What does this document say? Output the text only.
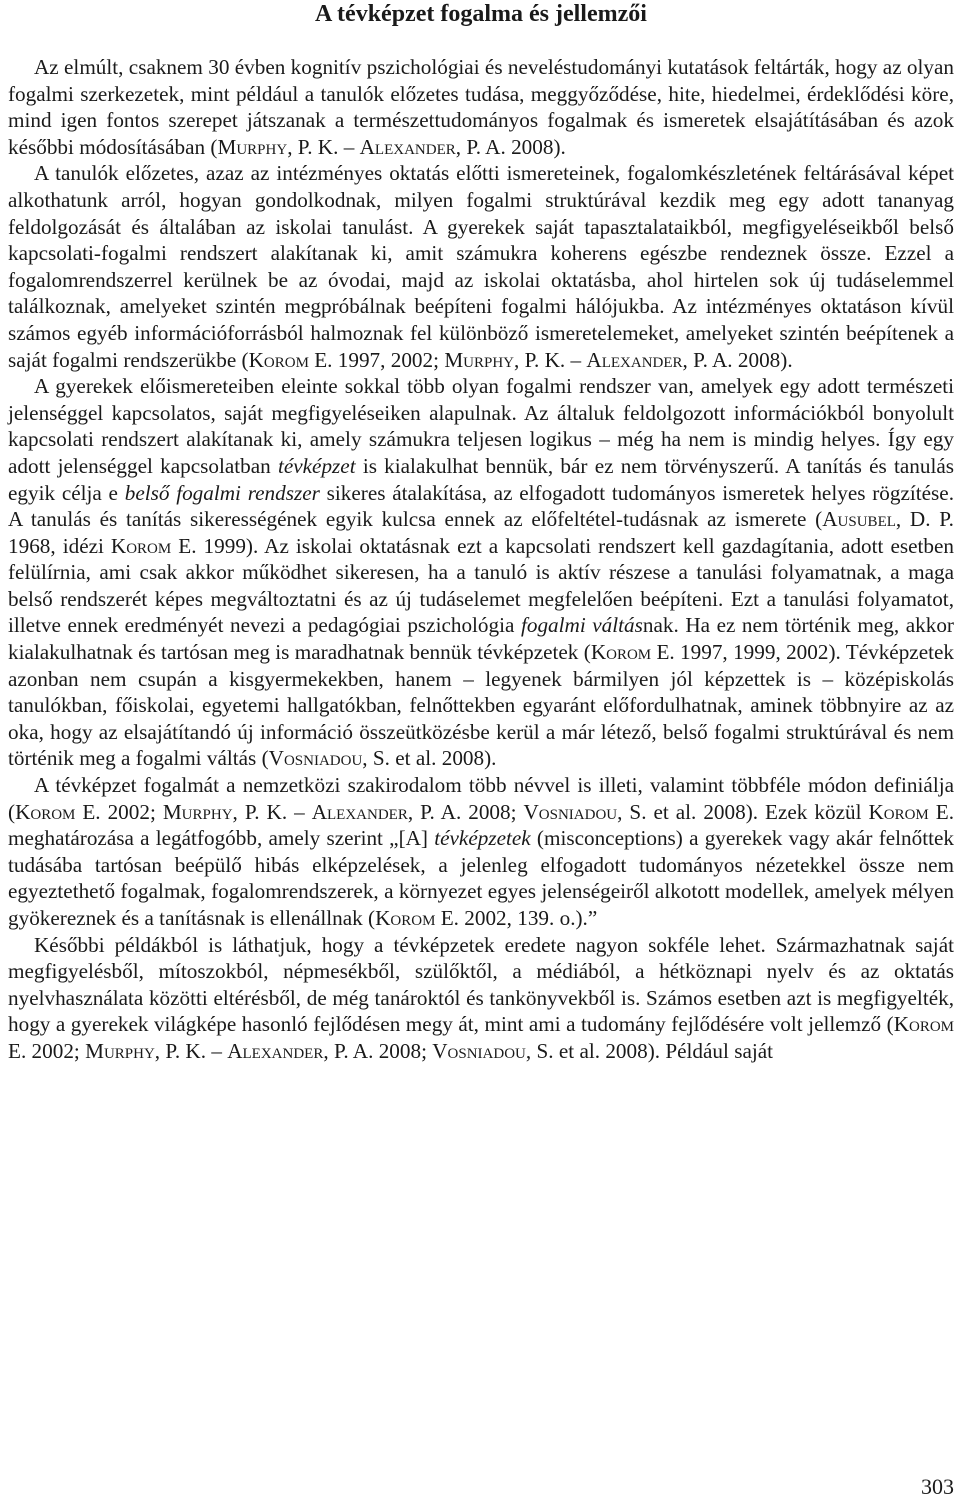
A tévképzet fogalma és jellemzői

Az elmúlt, csaknem 30 évben kognitív pszichológiai és neveléstudományi kutatások feltárták, hogy az olyan fogalmi szerkezetek, mint például a tanulók előzetes tudása, meggyőződése, hite, hiedelmei, érdeklődési köre, mind igen fontos szerepet játszanak a természettudományos fogalmak és ismeretek elsajátításában és azok későbbi módosításában (Murphy, P. K. – Alexander, P. A. 2008).

A tanulók előzetes, azaz az intézményes oktatás előtti ismereteinek, fogalomkészletének feltárásával képet alkothatunk arról, hogyan gondolkodnak, milyen fogalmi struktúrával kezdik meg egy adott tananyag feldolgozását és általában az iskolai tanulást. A gyerekek saját tapasztalataikból, megfigyeléseikből belső kapcsolati-fogalmi rendszert alakítanak ki, amit számukra koherens egészbe rendeznek össze. Ezzel a fogalomrendszerrel kerülnek be az óvodai, majd az iskolai oktatásba, ahol hirtelen sok új tudáselemmel találkoznak, amelyeket szintén megpróbálnak beépíteni fogalmi hálójukba. Az intézményes oktatáson kívül számos egyéb információforrásból halmoznak fel különböző ismeretelemeket, amelyeket szintén beépítenek a saját fogalmi rendszerükbe (Korom E. 1997, 2002; Murphy, P. K. – Alexander, P. A. 2008).

A gyerekek előismereteiben eleinte sokkal több olyan fogalmi rendszer van, amelyek egy adott természeti jelenséggel kapcsolatos, saját megfigyeléseiken alapulnak. Az általuk feldolgozott információkból bonyolult kapcsolati rendszert alakítanak ki, amely számukra teljesen logikus – még ha nem is mindig helyes. Így egy adott jelenséggel kapcsolatban tévképzet is kialakulhat bennük, bár ez nem törvényszerű. A tanítás és tanulás egyik célja e belső fogalmi rendszer sikeres átalakítása, az elfogadott tudományos ismeretek helyes rögzítése. A tanulás és tanítás sikerességének egyik kulcsa ennek az előfeltétel-tudásnak az ismerete (Ausubel, D. P. 1968, idézi Korom E. 1999). Az iskolai oktatásnak ezt a kapcsolati rendszert kell gazdagítania, adott esetben felülírnia, ami csak akkor működhet sikeresen, ha a tanuló is aktív részese a tanulási folyamatnak, a maga belső rendszerét képes megváltoztatni és az új tudáselemet megfelelően beépíteni. Ezt a tanulási folyamatot, illetve ennek eredményét nevezi a pedagógiai pszichológia fogalmi váltásnak. Ha ez nem történik meg, akkor kialakulhatnak és tartósan meg is maradhatnak bennük tévképzetek (Korom E. 1997, 1999, 2002). Tévképzetek azonban nem csupán a kisgyermekekben, hanem – legyenek bármilyen jól képzettek is – középiskolás tanulókban, főiskolai, egyetemi hallgatókban, felnőttekben egyaránt előfordulhatnak, aminek többnyire az az oka, hogy az elsajátítandó új információ összeütközésbe kerül a már létező, belső fogalmi struktúrával és nem történik meg a fogalmi váltás (Vosniadou, S. et al. 2008).

A tévképzet fogalmát a nemzetközi szakirodalom több névvel is illeti, valamint többféle módon definiálja (Korom E. 2002; Murphy, P. K. – Alexander, P. A. 2008; Vosniadou, S. et al. 2008). Ezek közül Korom E. meghatározása a legátfogóbb, amely szerint „[A] tévképzetek (misconceptions) a gyerekek vagy akár felnőttek tudásába tartósan beépülő hibás elképzelések, a jelenleg elfogadott tudományos nézetekkel össze nem egyeztethető fogalmak, fogalomrendszerek, a környezet egyes jelenségeiről alkotott modellek, amelyek mélyen gyökereznek és a tanításnak is ellenállnak (Korom E. 2002, 139. o.).”

Későbbi példákból is láthatjuk, hogy a tévképzetek eredete nagyon sokféle lehet. Származhatnak saját megfigyelésből, mítoszokból, népmesékből, szülőktől, a médiából, a hétköznapi nyelv és az oktatás nyelvhasználata közötti eltérésből, de még tanároktól és tankönyvekből is. Számos esetben azt is megfigyelték, hogy a gyerekek világképe hasonló fejlődésen megy át, mint ami a tudomány fejlődésére volt jellemző (Korom E. 2002; Murphy, P. K. – Alexander, P. A. 2008; Vosniadou, S. et al. 2008). Például saját

303
